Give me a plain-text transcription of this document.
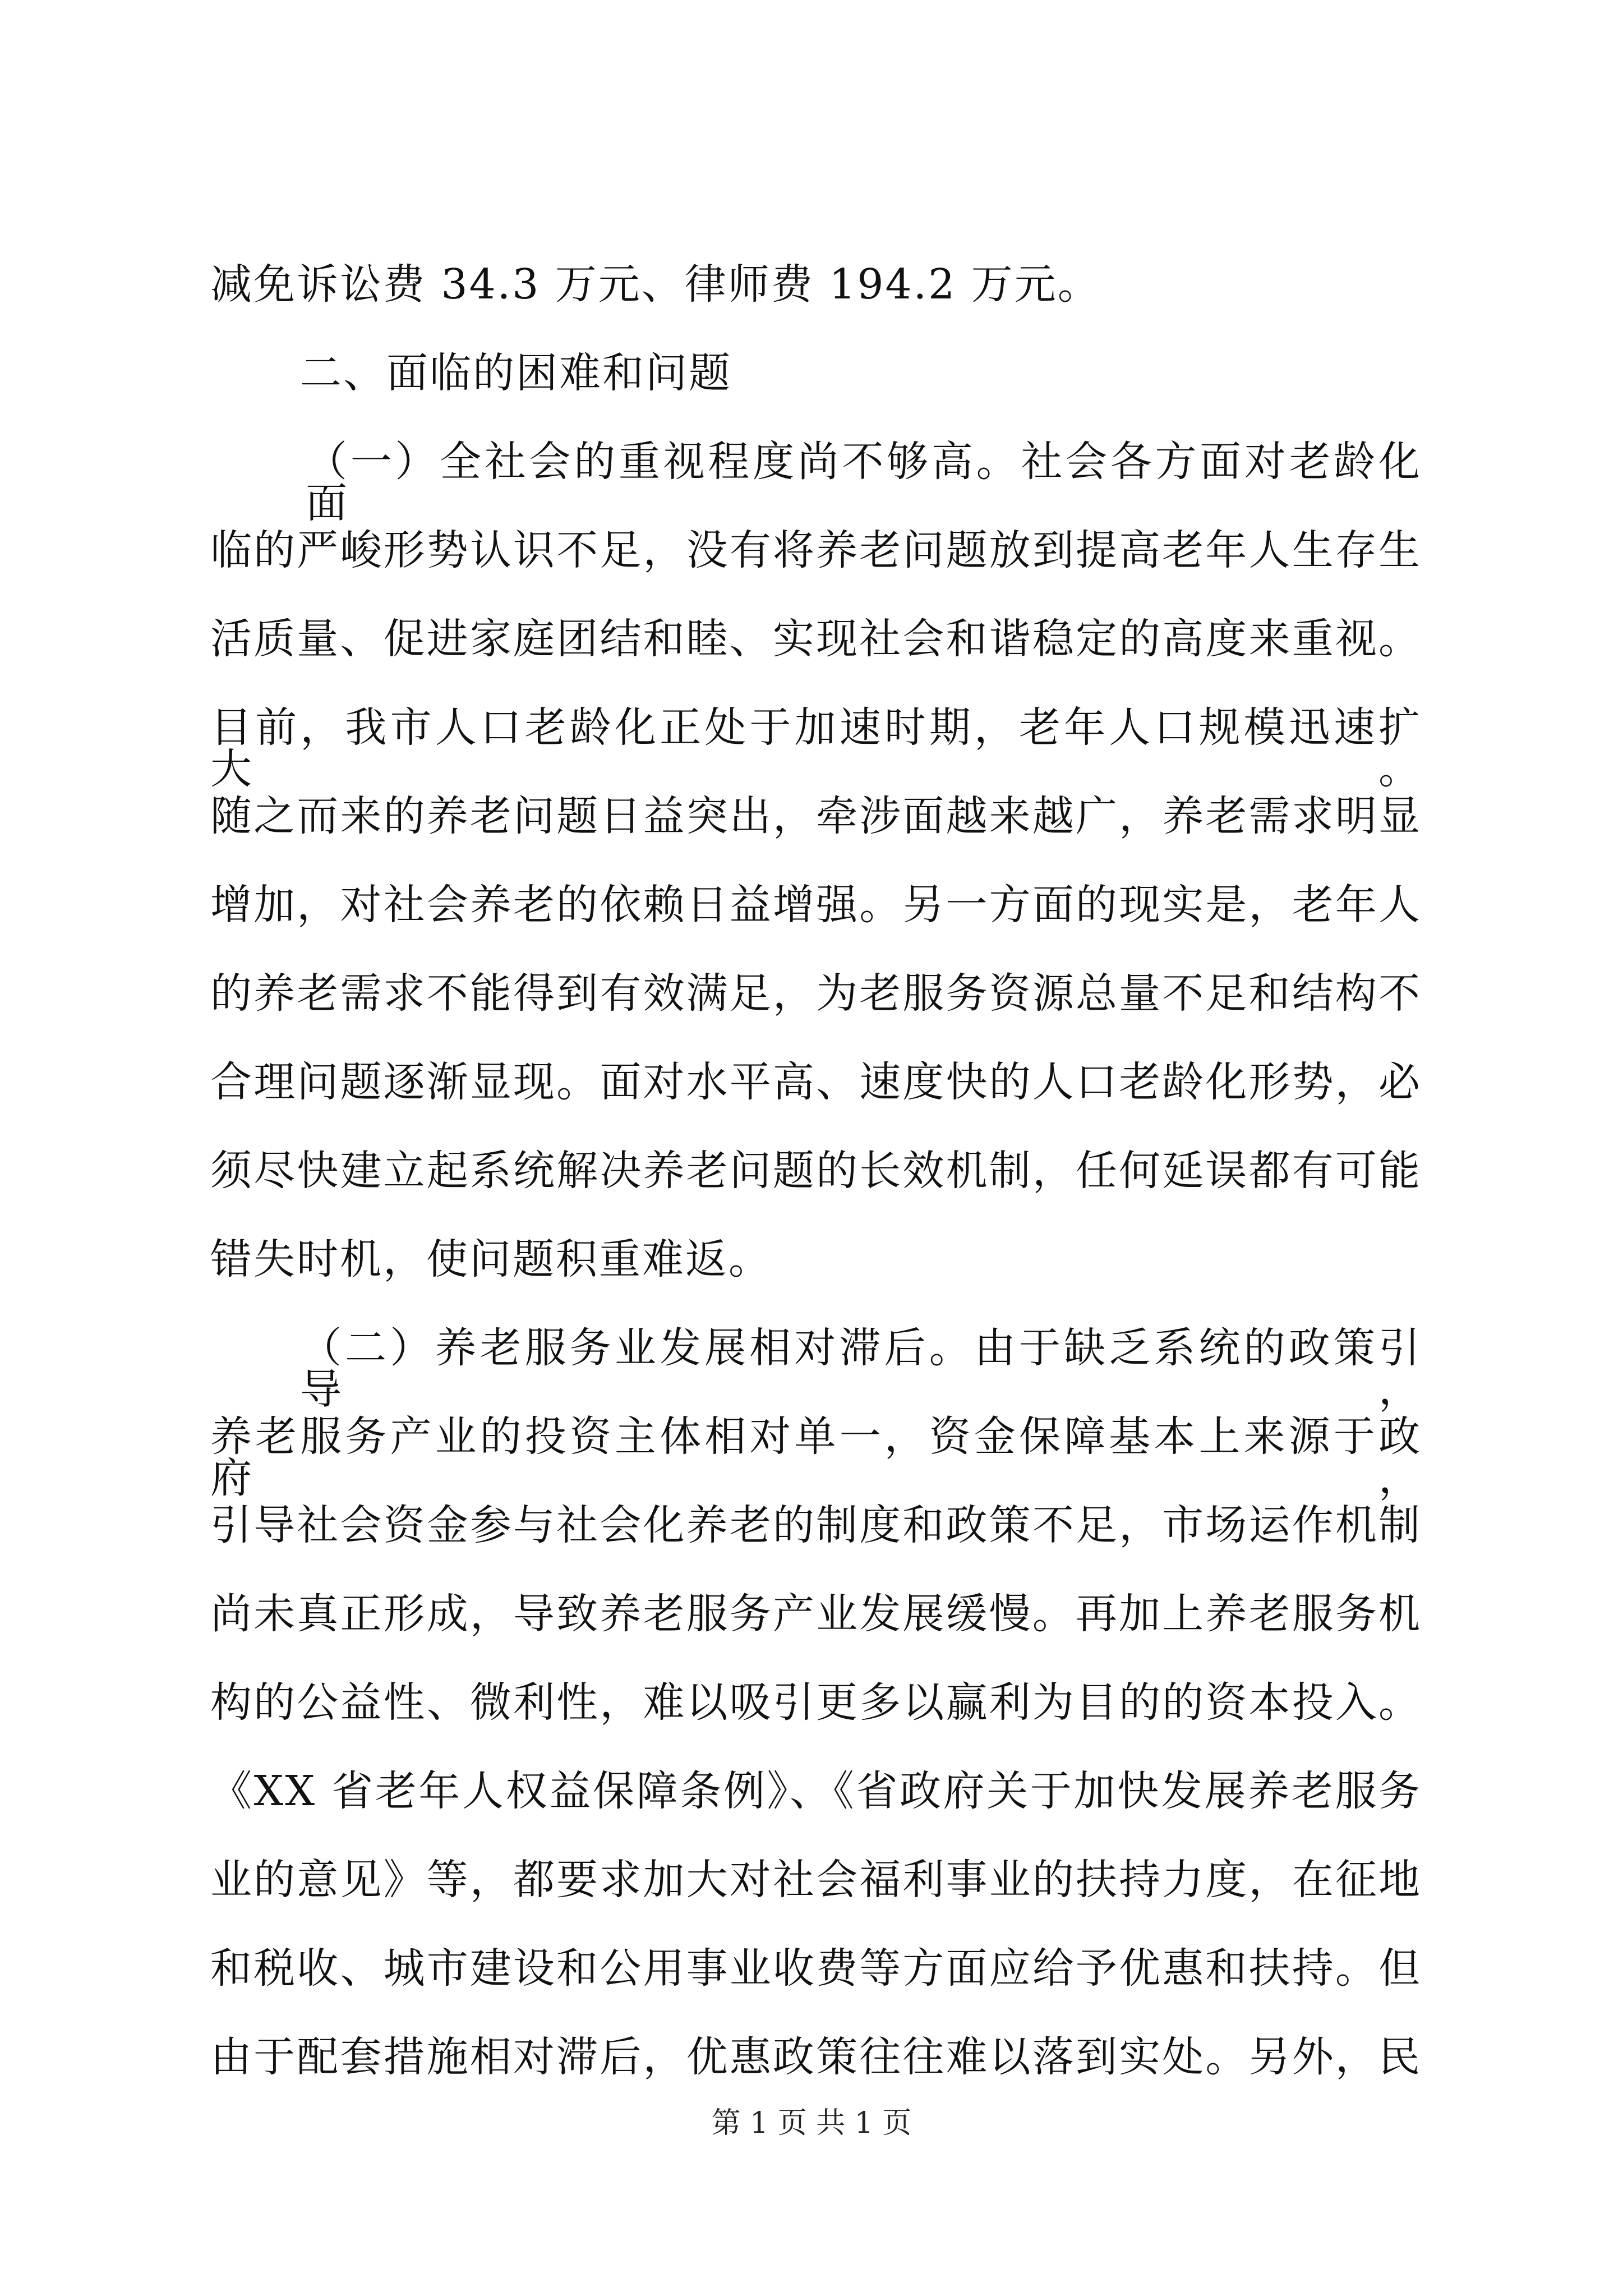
减免诉讼费 34.3 万元、律师费 194.2 万元。
二、面临的困难和问题
（一）全社会的重视程度尚不够高。社会各方面对老龄化面
临的严峻形势认识不足，没有将养老问题放到提高老年人生存生
活质量、促进家庭团结和睦、实现社会和谐稳定的高度来重视。
目前，我市人口老龄化正处于加速时期，老年人口规模迅速扩大。
随之而来的养老问题日益突出，牵涉面越来越广，养老需求明显
增加，对社会养老的依赖日益增强。另一方面的现实是，老年人
的养老需求不能得到有效满足，为老服务资源总量不足和结构不
合理问题逐渐显现。面对水平高、速度快的人口老龄化形势，必
须尽快建立起系统解决养老问题的长效机制，任何延误都有可能
错失时机，使问题积重难返。
（二）养老服务业发展相对滞后。由于缺乏系统的政策引导，
养老服务产业的投资主体相对单一，资金保障基本上来源于政府，
引导社会资金参与社会化养老的制度和政策不足，市场运作机制
尚未真正形成，导致养老服务产业发展缓慢。再加上养老服务机
构的公益性、微利性，难以吸引更多以赢利为目的的资本投入。
《XX 省老年人权益保障条例》、《省政府关于加快发展养老服务
业的意见》等，都要求加大对社会福利事业的扶持力度，在征地
和税收、城市建设和公用事业收费等方面应给予优惠和扶持。但
由于配套措施相对滞后，优惠政策往往难以落到实处。另外，民
第 1 页 共 1 页
